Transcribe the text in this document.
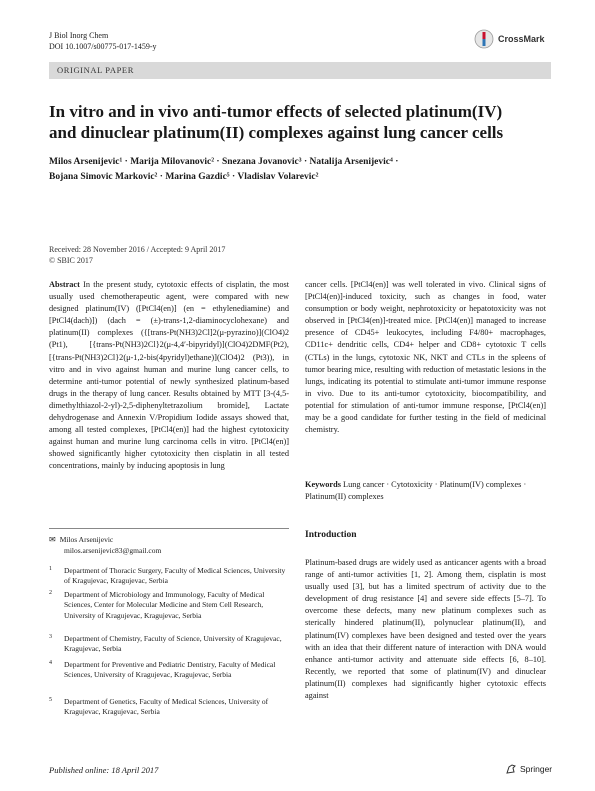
J Biol Inorg Chem
DOI 10.1007/s00775-017-1459-y
CrossMark
ORIGINAL PAPER
In vitro and in vivo anti-tumor effects of selected platinum(IV)
and dinuclear platinum(II) complexes against lung cancer cells
Milos Arsenijevic¹ · Marija Milovanovic² · Snezana Jovanovic³ · Natalija Arsenijevic⁴ ·
Bojana Simovic Markovic² · Marina Gazdic⁵ · Vladislav Volarevic²
Received: 28 November 2016 / Accepted: 9 April 2017
© SBIC 2017
Abstract In the present study, cytotoxic effects of cisplatin, the most usually used chemotherapeutic agent, were compared with new designed platinum(IV) ([PtCl4(en)] (en = ethylenediamine) and [PtCl4(dach)]) (dach = (±)-trans-1,2-diaminocyclohexane) and platinum(II) complexes ({[trans-Pt(NH3)2Cl]2(μ-pyrazino)](ClO4)2 (Pt1), [{trans-Pt(NH3)2Cl}2(μ-4,4′-bipyridyl)](ClO4)2DMF(Pt2),[{trans-Pt(NH3)2Cl}2(μ-1,2-bis(4pyridyl)ethane)](ClO4)2 (Pt3)), in vitro and in vivo against human and murine lung cancer cells, to determine anti-tumor potential of newly synthesized platinum-based drugs in the therapy of lung cancer. Results obtained by MTT [3-(4,5-dimethylthiazol-2-yl)-2,5-diphenyltetrazolium bromide], Lactate dehydrogenase and Annexin V/Propidium Iodide assays showed that, among all tested complexes, [PtCl4(en)] had the highest cytotoxicity against human and murine lung carcinoma cells in vitro. [PtCl4(en)] showed significantly higher cytotoxicity then cisplatin in all tested concentrations, mainly by inducing apoptosis in lung
cancer cells. [PtCl4(en)] was well tolerated in vivo. Clinical signs of [PtCl4(en)]-induced toxicity, such as changes in food, water consumption or body weight, nephrotoxicity or hepatotoxicity was not observed in [PtCl4(en)]-treated mice. [PtCl4(en)] managed to increase presence of CD45+ leukocytes, including F4/80+ macrophages, CD11c+ dendritic cells, CD4+ helper and CD8+ cytotoxic T cells (CTLs) in the lungs, cytotoxic NK, NKT and CTLs in the spleens of tumor bearing mice, resulting with reduction of metastatic lesions in the lungs, indicating its potential to stimulate anti-tumor immune response in vivo. Due to its anti-tumor cytotoxicity, biocompatibility, and potential for stimulation of anti-tumor immune response, [PtCl4(en)] may be a good candidate for further testing in the field of medicinal chemistry.
Keywords Lung cancer · Cytotoxicity · Platinum(IV) complexes · Platinum(II) complexes
Introduction
Platinum-based drugs are widely used as anticancer agents with a broad range of anti-tumor activities [1, 2]. Among them, cisplatin is most usually used [3], but has a limited spectrum of activity due to the development of drug resistance [4] and severe side effects [5–7]. To overcome these defects, many new platinum complexes such as sterically hindered platinum(II), polynuclear platinum(II), and platinum(IV) complexes have been designed and tested over the years with an idea that their different nature of interaction with DNA would enhance anti-tumor activity and attenuate side effects [6, 8–10]. Recently, we reported that some of platinum(IV) and dinuclear platinum(II) complexes had significantly higher cytotoxic effects against
✉ Milos Arsenijevic
milos.arsenijevic83@gmail.com
1 Department of Thoracic Surgery, Faculty of Medical Sciences, University of Kragujevac, Kragujevac, Serbia
2 Department of Microbiology and Immunology, Faculty of Medical Sciences, Center for Molecular Medicine and Stem Cell Research, University of Kragujevac, Kragujevac, Serbia
3 Department of Chemistry, Faculty of Science, University of Kragujevac, Kragujevac, Serbia
4 Department for Preventive and Pediatric Dentistry, Faculty of Medical Sciences, University of Kragujevac, Kragujevac, Serbia
5 Department of Genetics, Faculty of Medical Sciences, University of Kragujevac, Kragujevac, Serbia
Published online: 18 April 2017	Springer
